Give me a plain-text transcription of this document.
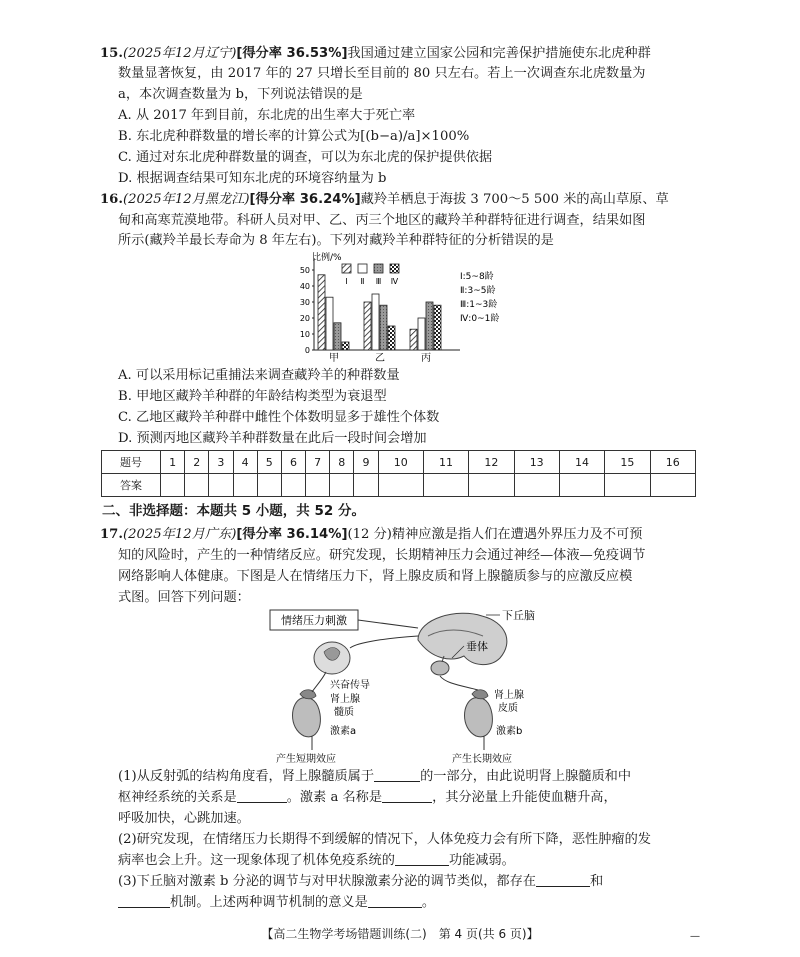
15.(2025年12月辽宁)[得分率 36.53%]我国通过建立国家公园和完善保护措施使东北虎种群
数量显著恢复，由 2017 年的 27 只增长至目前的 80 只左右。若上一次调查东北虎数量为
a，本次调查数量为 b，下列说法错误的是
A. 从 2017 年到目前，东北虎的出生率大于死亡率
B. 东北虎种群数量的增长率的计算公式为[(b−a)/a]×100%
C. 通过对东北虎种群数量的调查，可以为东北虎的保护提供依据
D. 根据调查结果可知东北虎的环境容纳量为 b
16.(2025年12月黑龙江)[得分率 36.24%]藏羚羊栖息于海拔 3 700～5 500 米的高山草原、草
甸和高寒荒漠地带。科研人员对甲、乙、丙三个地区的藏羚羊种群特征进行调查，结果如图
所示(藏羚羊最长寿命为 8 年左右)。下列对藏羚羊种群特征的分析错误的是
比例/%
0
10
20
30
40
50
甲	乙	丙
Ⅰ Ⅱ Ⅲ Ⅳ	Ⅰ:5~8龄
Ⅱ:3~5龄
Ⅲ:1~3龄
Ⅳ:0~1龄
A. 可以采用标记重捕法来调查藏羚羊的种群数量
B. 甲地区藏羚羊种群的年龄结构类型为衰退型
C. 乙地区藏羚羊种群中雌性个体数明显多于雄性个体数
D. 预测丙地区藏羚羊种群数量在此后一段时间会增加
题号	1	2	3	4	5	6	7	8	9	10	11	12	13	14	15	16
答案																
二、非选择题：本题共 5 小题，共 52 分。
17.(2025年12月广东)[得分率 36.14%](12 分)精神应激是指人们在遭遇外界压力及不可预
知的风险时，产生的一种情绪反应。研究发现，长期精神压力会通过神经—体液—免疫调节
网络影响人体健康。下图是人在情绪压力下，肾上腺皮质和肾上腺髓质参与的应激反应模
式图。回答下列问题：
情绪压力刺激	下丘脑
垂体
兴奋传导
肾上腺
髓质
肾上腺
皮质
激素a	激素b
产生短期效应	产生长期效应
(1)从反射弧的结构角度看，肾上腺髓质属于	的一部分，由此说明肾上腺髓质和中
枢神经系统的关系是	。激素 a 名称是	，其分泌量上升能使血糖升高，
呼吸加快，心跳加速。
(2)研究发现，在情绪压力长期得不到缓解的情况下，人体免疫力会有所下降，恶性肿瘤的发
病率也会上升。这一现象体现了机体免疫系统的	功能减弱。
(3)下丘脑对激素 b 分泌的调节与对甲状腺激素分泌的调节类似，都存在	和
机制。上述两种调节机制的意义是	。
【高二生物学考场错题训练(二)　第 4 页(共 6 页)】	—
